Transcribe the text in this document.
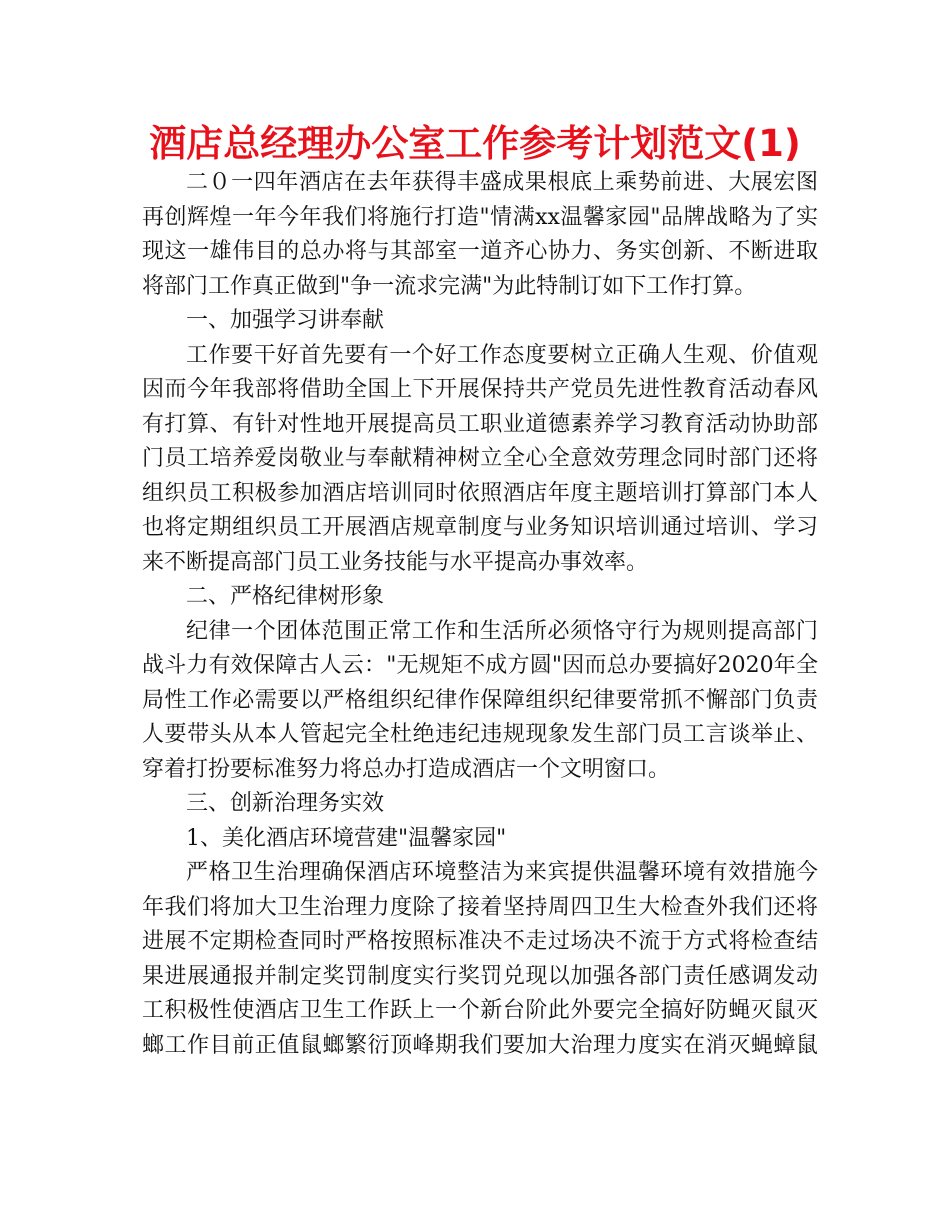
酒店总经理办公室工作参考计划范文(1)
二０一四年酒店在去年获得丰盛成果根底上乘势前进、大展宏图
再创辉煌一年今年我们将施行打造"情满xx温馨家园"品牌战略为了实
现这一雄伟目的总办将与其部室一道齐心协力、务实创新、不断进取
将部门工作真正做到"争一流求完满"为此特制订如下工作打算。
一、加强学习讲奉献
工作要干好首先要有一个好工作态度要树立正确人生观、价值观
因而今年我部将借助全国上下开展保持共产党员先进性教育活动春风
有打算、有针对性地开展提高员工职业道德素养学习教育活动协助部
门员工培养爱岗敬业与奉献精神树立全心全意效劳理念同时部门还将
组织员工积极参加酒店培训同时依照酒店年度主题培训打算部门本人
也将定期组织员工开展酒店规章制度与业务知识培训通过培训、学习
来不断提高部门员工业务技能与水平提高办事效率。
二、严格纪律树形象
纪律一个团体范围正常工作和生活所必须恪守行为规则提高部门
战斗力有效保障古人云："无规矩不成方圆"因而总办要搞好2020年全
局性工作必需要以严格组织纪律作保障组织纪律要常抓不懈部门负责
人要带头从本人管起完全杜绝违纪违规现象发生部门员工言谈举止、
穿着打扮要标准努力将总办打造成酒店一个文明窗口。
三、创新治理务实效
1、美化酒店环境营建"温馨家园"
严格卫生治理确保酒店环境整洁为来宾提供温馨环境有效措施今
年我们将加大卫生治理力度除了接着坚持周四卫生大检查外我们还将
进展不定期检查同时严格按照标准决不走过场决不流于方式将检查结
果进展通报并制定奖罚制度实行奖罚兑现以加强各部门责任感调发动
工积极性使酒店卫生工作跃上一个新台阶此外要完全搞好防蝇灭鼠灭
螂工作目前正值鼠螂繁衍顶峰期我们要加大治理力度实在消灭蝇蟑鼠
